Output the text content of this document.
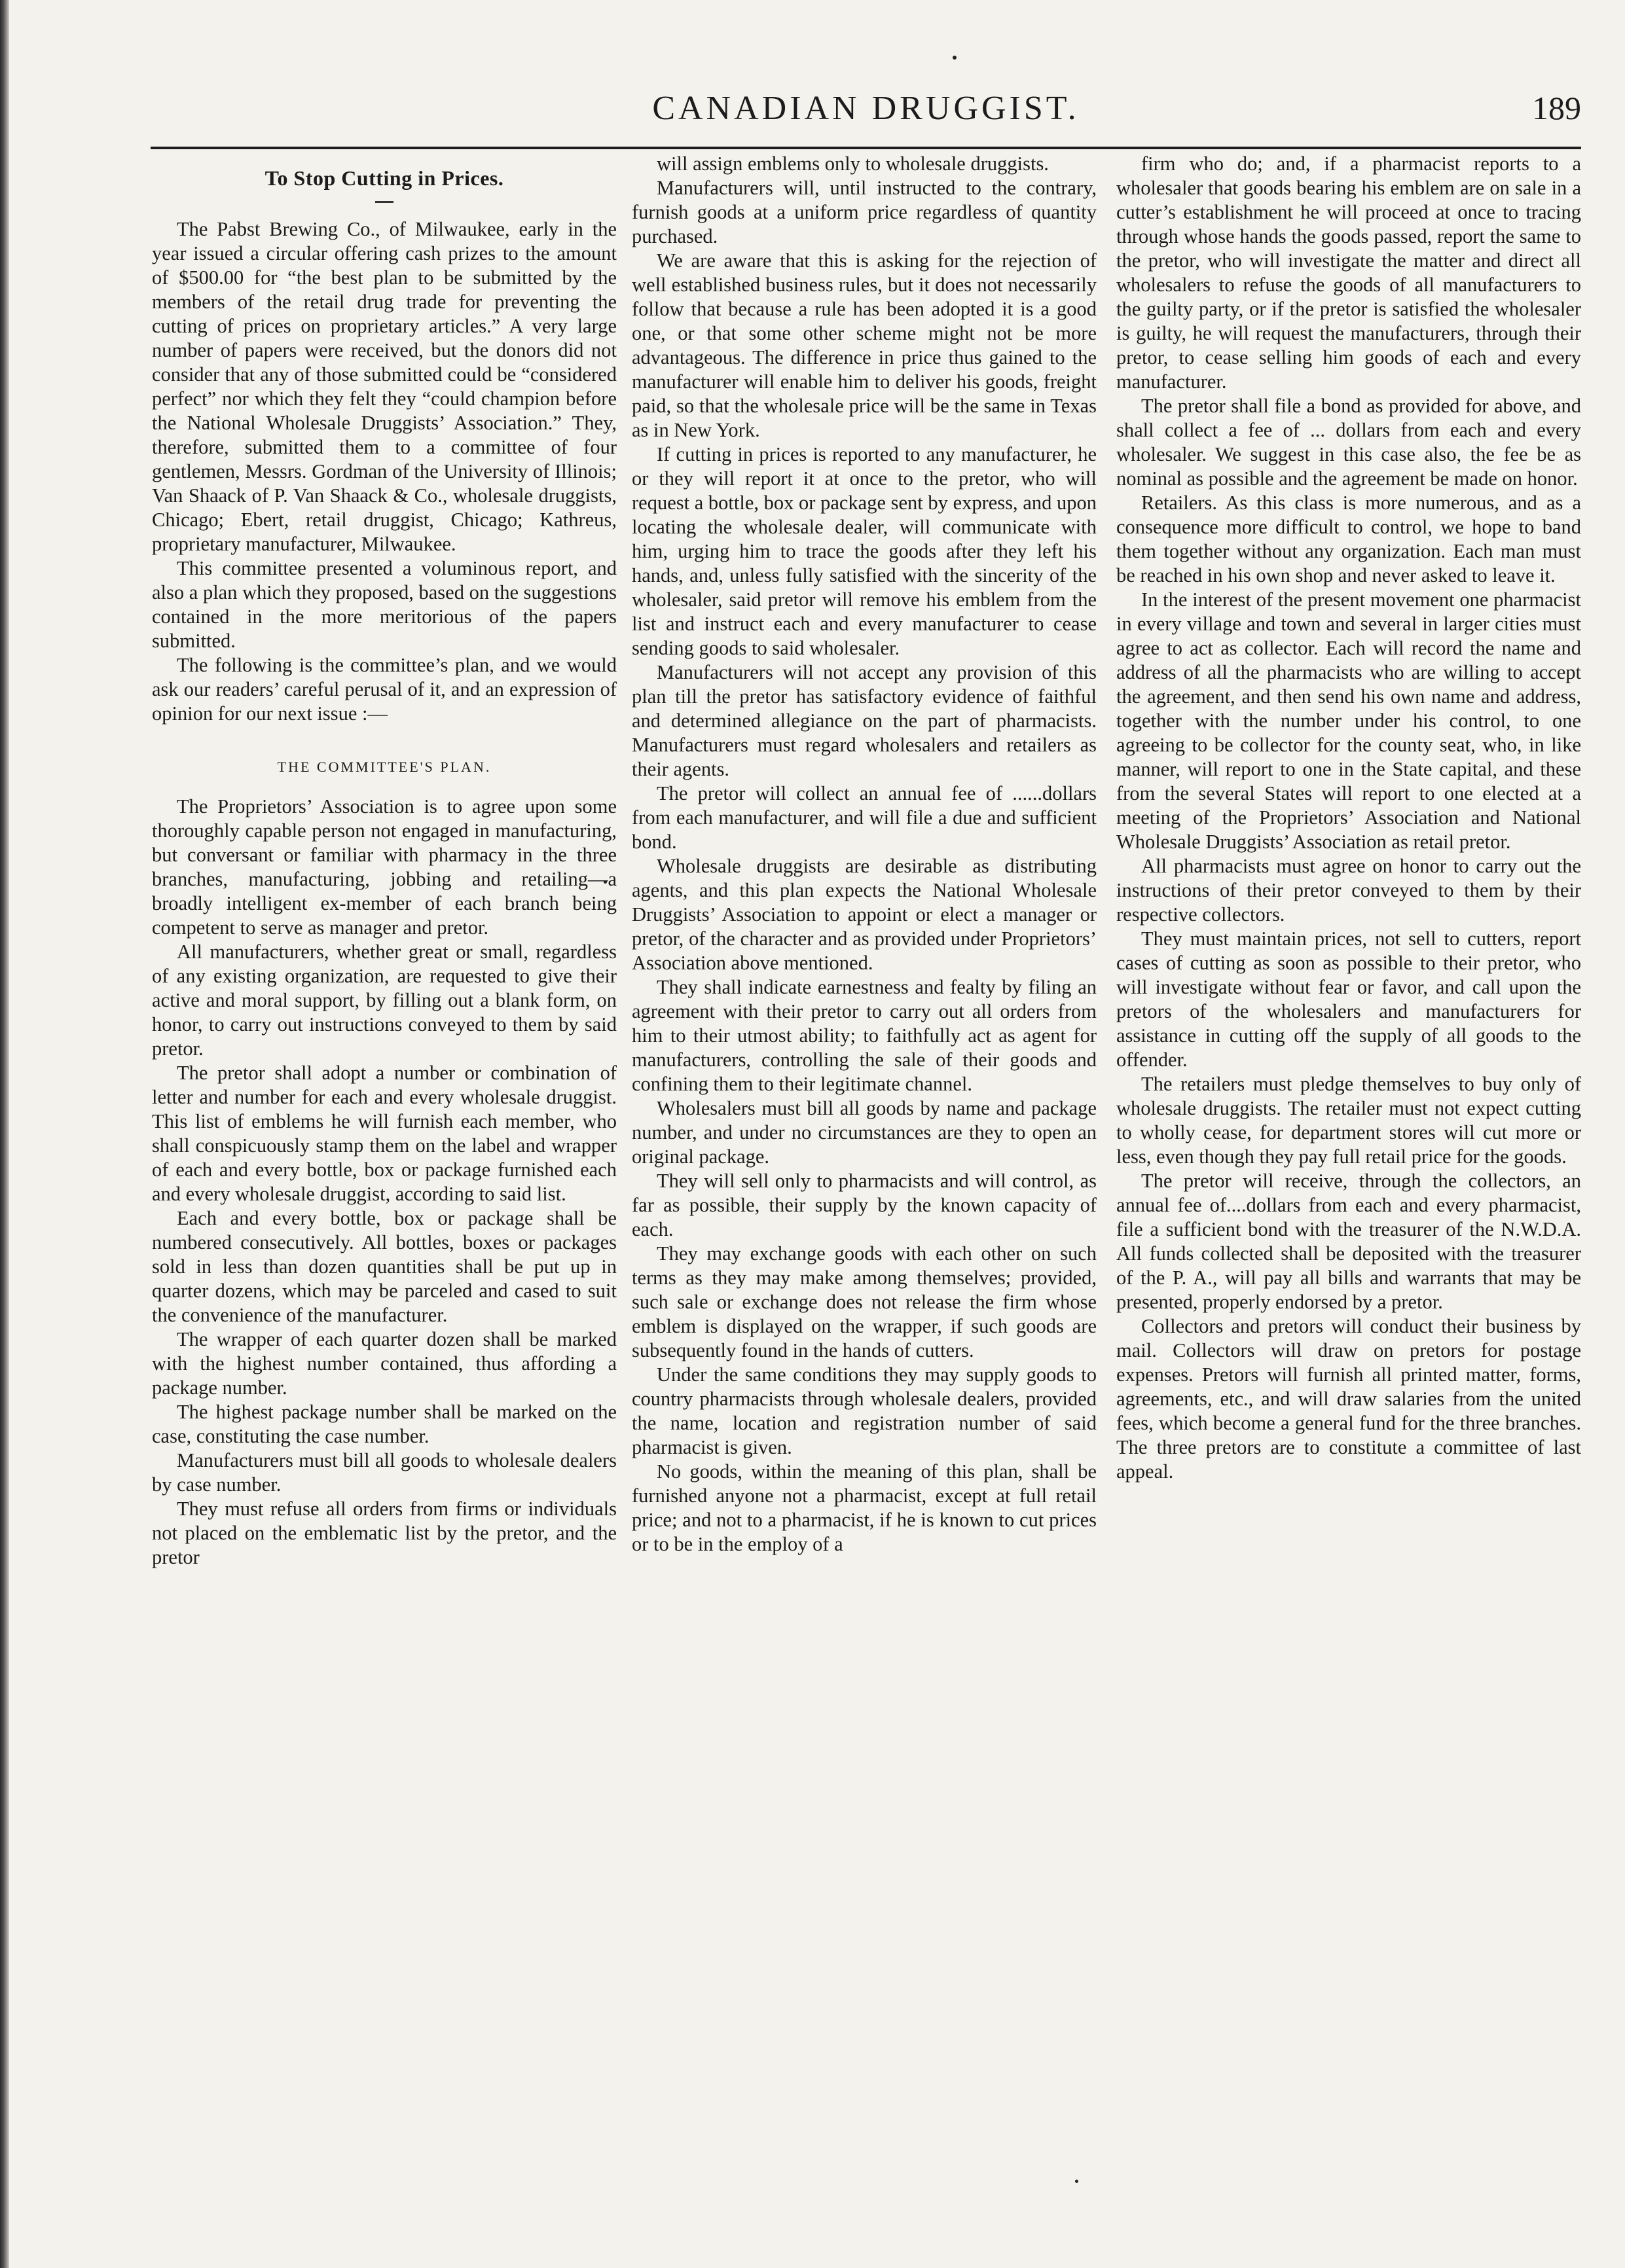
CANADIAN DRUGGIST.	189
To Stop Cutting in Prices.

The Pabst Brewing Co., of Milwaukee, early in the year issued a circular offering cash prizes to the amount of $500.00 for “the best plan to be submitted by the members of the retail drug trade for preventing the cutting of prices on proprietary articles.” A very large number of papers were received, but the donors did not consider that any of those submitted could be “considered perfect” nor which they felt they “could champion before the National Wholesale Druggists’ Association.” They, therefore, submitted them to a committee of four gentlemen, Messrs. Gordman of the University of Illinois; Van Shaack of P. Van Shaack & Co., wholesale druggists, Chicago; Ebert, retail druggist, Chicago; Kathreus, proprietary manufacturer, Milwaukee.

This committee presented a voluminous report, and also a plan which they proposed, based on the suggestions contained in the more meritorious of the papers submitted.

The following is the committee’s plan, and we would ask our readers’ careful perusal of it, and an expression of opinion for our next issue :—

THE COMMITTEE'S PLAN.

The Proprietors’ Association is to agree upon some thoroughly capable person not engaged in manufacturing, but conversant or familiar with pharmacy in the three branches, manufacturing, jobbing and retailing—a broadly intelligent ex-member of each branch being competent to serve as manager and pretor.

All manufacturers, whether great or small, regardless of any existing organization, are requested to give their active and moral support, by filling out a blank form, on honor, to carry out instructions conveyed to them by said pretor.

The pretor shall adopt a number or combination of letter and number for each and every wholesale druggist. This list of emblems he will furnish each member, who shall conspicuously stamp them on the label and wrapper of each and every bottle, box or package furnished each and every wholesale druggist, according to said list.

Each and every bottle, box or package shall be numbered consecutively. All bottles, boxes or packages sold in less than dozen quantities shall be put up in quarter dozens, which may be parceled and cased to suit the convenience of the manufacturer.

The wrapper of each quarter dozen shall be marked with the highest number contained, thus affording a package number.

The highest package number shall be marked on the case, constituting the case number.

Manufacturers must bill all goods to wholesale dealers by case number.

They must refuse all orders from firms or individuals not placed on the emblematic list by the pretor, and the pretor

will assign emblems only to wholesale druggists.

Manufacturers will, until instructed to the contrary, furnish goods at a uniform price regardless of quantity purchased.

We are aware that this is asking for the rejection of well established business rules, but it does not necessarily follow that because a rule has been adopted it is a good one, or that some other scheme might not be more advantageous. The difference in price thus gained to the manufacturer will enable him to deliver his goods, freight paid, so that the wholesale price will be the same in Texas as in New York.

If cutting in prices is reported to any manufacturer, he or they will report it at once to the pretor, who will request a bottle, box or package sent by express, and upon locating the wholesale dealer, will communicate with him, urging him to trace the goods after they left his hands, and, unless fully satisfied with the sincerity of the wholesaler, said pretor will remove his emblem from the list and instruct each and every manufacturer to cease sending goods to said wholesaler.

Manufacturers will not accept any provision of this plan till the pretor has satisfactory evidence of faithful and determined allegiance on the part of pharmacists. Manufacturers must regard wholesalers and retailers as their agents.

The pretor will collect an annual fee of ......dollars from each manufacturer, and will file a due and sufficient bond.

Wholesale druggists are desirable as distributing agents, and this plan expects the National Wholesale Druggists’ Association to appoint or elect a manager or pretor, of the character and as provided under Proprietors’ Association above mentioned.

They shall indicate earnestness and fealty by filing an agreement with their pretor to carry out all orders from him to their utmost ability; to faithfully act as agent for manufacturers, controlling the sale of their goods and confining them to their legitimate channel.

Wholesalers must bill all goods by name and package number, and under no circumstances are they to open an original package.

They will sell only to pharmacists and will control, as far as possible, their supply by the known capacity of each.

They may exchange goods with each other on such terms as they may make among themselves; provided, such sale or exchange does not release the firm whose emblem is displayed on the wrapper, if such goods are subsequently found in the hands of cutters.

Under the same conditions they may supply goods to country pharmacists through wholesale dealers, provided the name, location and registration number of said pharmacist is given.

No goods, within the meaning of this plan, shall be furnished anyone not a pharmacist, except at full retail price; and not to a pharmacist, if he is known to cut prices or to be in the employ of a

firm who do; and, if a pharmacist reports to a wholesaler that goods bearing his emblem are on sale in a cutter’s establishment he will proceed at once to tracing through whose hands the goods passed, report the same to the pretor, who will investigate the matter and direct all wholesalers to refuse the goods of all manufacturers to the guilty party, or if the pretor is satisfied the wholesaler is guilty, he will request the manufacturers, through their pretor, to cease selling him goods of each and every manufacturer.

The pretor shall file a bond as provided for above, and shall collect a fee of ... dollars from each and every wholesaler. We suggest in this case also, the fee be as nominal as possible and the agreement be made on honor.

Retailers. As this class is more numerous, and as a consequence more difficult to control, we hope to band them together without any organization. Each man must be reached in his own shop and never asked to leave it.

In the interest of the present movement one pharmacist in every village and town and several in larger cities must agree to act as collector. Each will record the name and address of all the pharmacists who are willing to accept the agreement, and then send his own name and address, together with the number under his control, to one agreeing to be collector for the county seat, who, in like manner, will report to one in the State capital, and these from the several States will report to one elected at a meeting of the Proprietors’ Association and National Wholesale Druggists’ Association as retail pretor.

All pharmacists must agree on honor to carry out the instructions of their pretor conveyed to them by their respective collectors.

They must maintain prices, not sell to cutters, report cases of cutting as soon as possible to their pretor, who will investigate without fear or favor, and call upon the pretors of the wholesalers and manufacturers for assistance in cutting off the supply of all goods to the offender.

The retailers must pledge themselves to buy only of wholesale druggists. The retailer must not expect cutting to wholly cease, for department stores will cut more or less, even though they pay full retail price for the goods.

The pretor will receive, through the collectors, an annual fee of....dollars from each and every pharmacist, file a sufficient bond with the treasurer of the N.W.D.A. All funds collected shall be deposited with the treasurer of the P. A., will pay all bills and warrants that may be presented, properly endorsed by a pretor.

Collectors and pretors will conduct their business by mail. Collectors will draw on pretors for postage expenses. Pretors will furnish all printed matter, forms, agreements, etc., and will draw salaries from the united fees, which become a general fund for the three branches. The three pretors are to constitute a committee of last appeal.
